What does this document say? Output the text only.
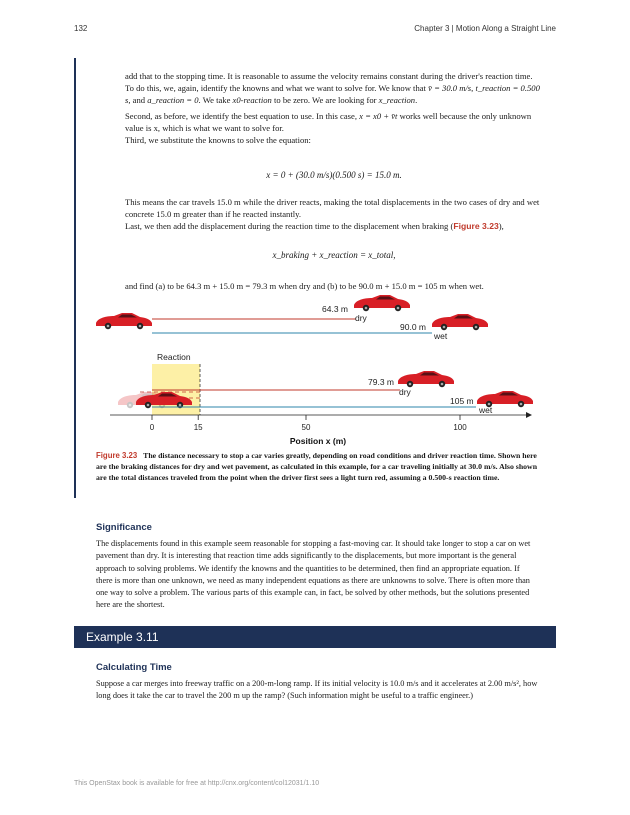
132	Chapter 3 | Motion Along a Straight Line

add that to the stopping time. It is reasonable to assume the velocity remains constant during the driver's reaction time.

To do this, we, again, identify the knowns and what we want to solve for. We know that v̄ = 30.0 m/s, t_reaction = 0.500 s, and a_reaction = 0. We take x0-reaction to be zero. We are looking for x_reaction.

Second, as before, we identify the best equation to use. In this case, x = x0 + v̄t works well because the only unknown value is x, which is what we want to solve for.

Third, we substitute the knowns to solve the equation:

x = 0 + (30.0 m/s)(0.500 s) = 15.0 m.

This means the car travels 15.0 m while the driver reacts, making the total displacements in the two cases of dry and wet concrete 15.0 m greater than if he reacted instantly.

Last, we then add the displacement during the reaction time to the displacement when braking (Figure 3.23),

x_braking + x_reaction = x_total,
and find (a) to be 64.3 m + 15.0 m = 79.3 m when dry and (b) to be 90.0 m + 15.0 m = 105 m when wet.
64.3 m
dry
90.0 m
wet
Reaction
79.3 m
dry
105 m
wet
0	15	50	100
Position x (m)
Figure 3.23 The distance necessary to stop a car varies greatly, depending on road conditions and driver reaction time. Shown here are the braking distances for dry and wet pavement, as calculated in this example, for a car traveling initially at 30.0 m/s. Also shown are the total distances traveled from the point when the driver first sees a light turn red, assuming a 0.500-s reaction time.
Significance
The displacements found in this example seem reasonable for stopping a fast-moving car. It should take longer to stop a car on wet pavement than dry. It is interesting that reaction time adds significantly to the displacements, but more important is the general approach to solving problems. We identify the knowns and the quantities to be determined, then find an appropriate equation. If there is more than one unknown, we need as many independent equations as there are unknowns to solve. There is often more than one way to solve a problem. The various parts of this example can, in fact, be solved by other methods, but the solutions presented here are the shortest.
Example 3.11
Calculating Time
Suppose a car merges into freeway traffic on a 200-m-long ramp. If its initial velocity is 10.0 m/s and it accelerates at 2.00 m/s², how long does it take the car to travel the 200 m up the ramp? (Such information might be useful to a traffic engineer.)
This OpenStax book is available for free at http://cnx.org/content/col12031/1.10
